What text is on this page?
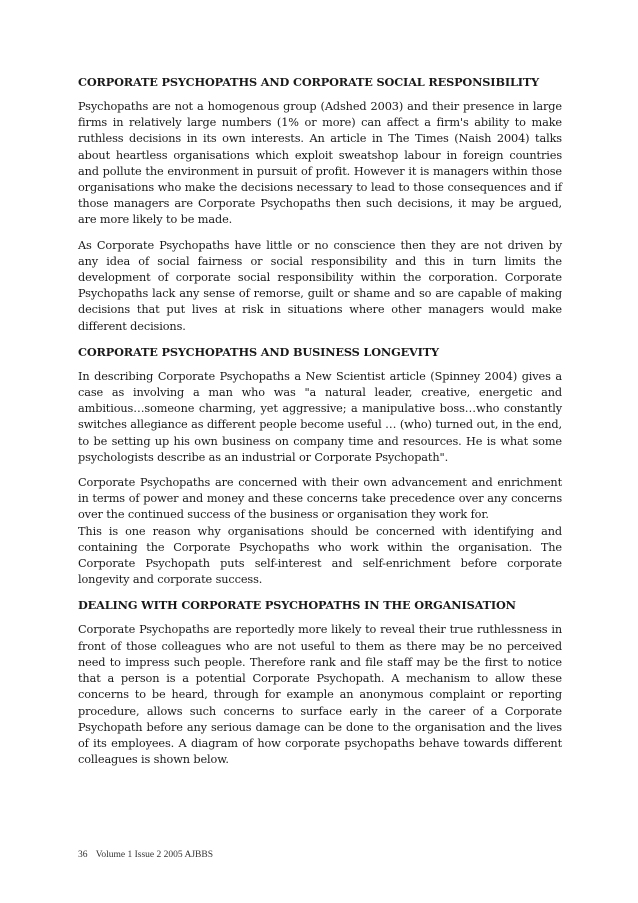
CORPORATE PSYCHOPATHS AND CORPORATE SOCIAL RESPONSIBILITY

Psychopaths are not a homogenous group (Adshed 2003) and their presence in large firms in relatively large numbers (1% or more) can affect a firm's ability to make ruthless decisions in its own interests. An article in The Times (Naish 2004) talks about heartless organisations which exploit sweatshop labour in foreign countries and pollute the environment in pursuit of profit. However it is managers within those organisations who make the decisions necessary to lead to those consequences and if those managers are Corporate Psychopaths then such decisions, it may be argued, are more likely to be made.

As Corporate Psychopaths have little or no conscience then they are not driven by any idea of social fairness or social responsibility and this in turn limits the development of corporate social responsibility within the corporation. Corporate Psychopaths lack any sense of remorse, guilt or shame and so are capable of making decisions that put lives at risk in situations where other managers would make different decisions.

CORPORATE PSYCHOPATHS AND BUSINESS LONGEVITY

In describing Corporate Psychopaths a New Scientist article (Spinney 2004) gives a case as involving a man who was "a natural leader, creative, energetic and ambitious…someone charming, yet aggressive; a manipulative boss…who constantly switches allegiance as different people become useful … (who) turned out, in the end, to be setting up his own business on company time and resources. He is what some psychologists describe as an industrial or Corporate Psychopath".

Corporate Psychopaths are concerned with their own advancement and enrichment in terms of power and money and these concerns take precedence over any concerns over the continued success of the business or organisation they work for.

This is one reason why organisations should be concerned with identifying and containing the Corporate Psychopaths who work within the organisation. The Corporate Psychopath puts self-interest and self-enrichment before corporate longevity and corporate success.

DEALING WITH CORPORATE PSYCHOPATHS IN THE ORGANISATION

Corporate Psychopaths are reportedly more likely to reveal their true ruthlessness in front of those colleagues who are not useful to them as there may be no perceived need to impress such people. Therefore rank and file staff may be the first to notice that a person is a potential Corporate Psychopath. A mechanism to allow these concerns to be heard, through for example an anonymous complaint or reporting procedure, allows such concerns to surface early in the career of a Corporate Psychopath before any serious damage can be done to the organisation and the lives of its employees. A diagram of how corporate psychopaths behave towards different colleagues is shown below.

36 Volume 1 Issue 2 2005 AJBBS
